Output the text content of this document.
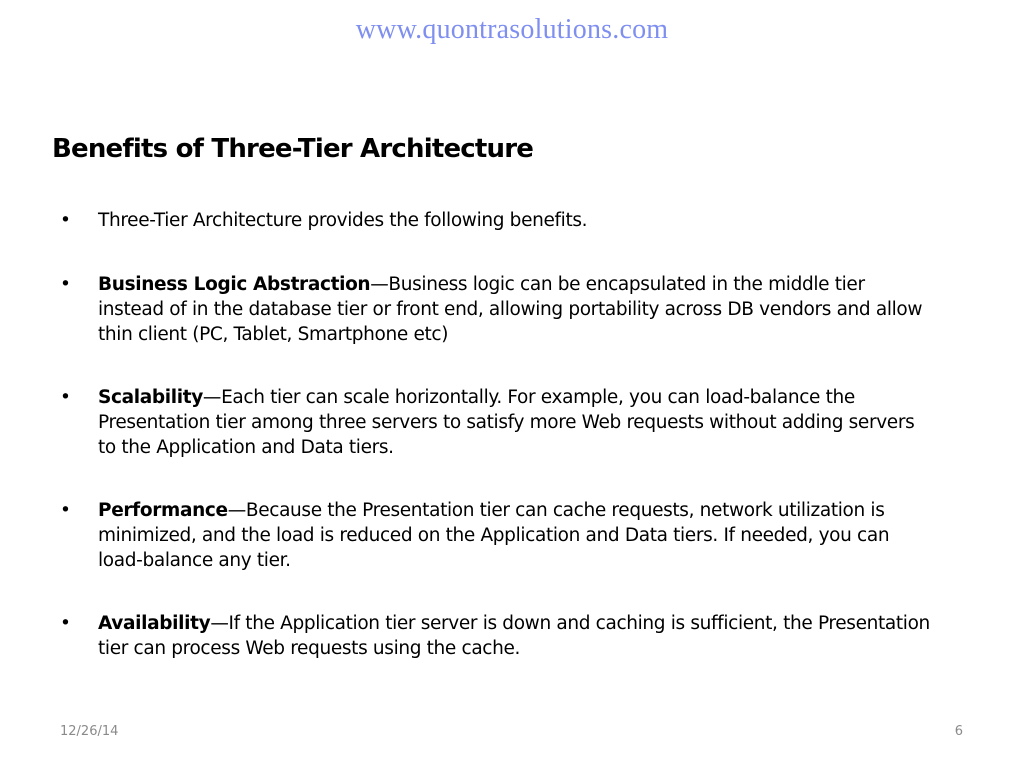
www.quontrasolutions.com
Benefits of Three-Tier Architecture
•	Three-Tier Architecture provides the following benefits.
•	Business Logic Abstraction—Business logic can be encapsulated in the middle tier instead of in the database tier or front end, allowing portability across DB vendors and allow thin client (PC, Tablet, Smartphone etc)
•	Scalability—Each tier can scale horizontally. For example, you can load-balance the Presentation tier among three servers to satisfy more Web requests without adding servers to the Application and Data tiers.
•	Performance—Because the Presentation tier can cache requests, network utilization is minimized, and the load is reduced on the Application and Data tiers. If needed, you can load-balance any tier.
•	Availability—If the Application tier server is down and caching is sufficient, the Presentation tier can process Web requests using the cache.
12/26/14	6
